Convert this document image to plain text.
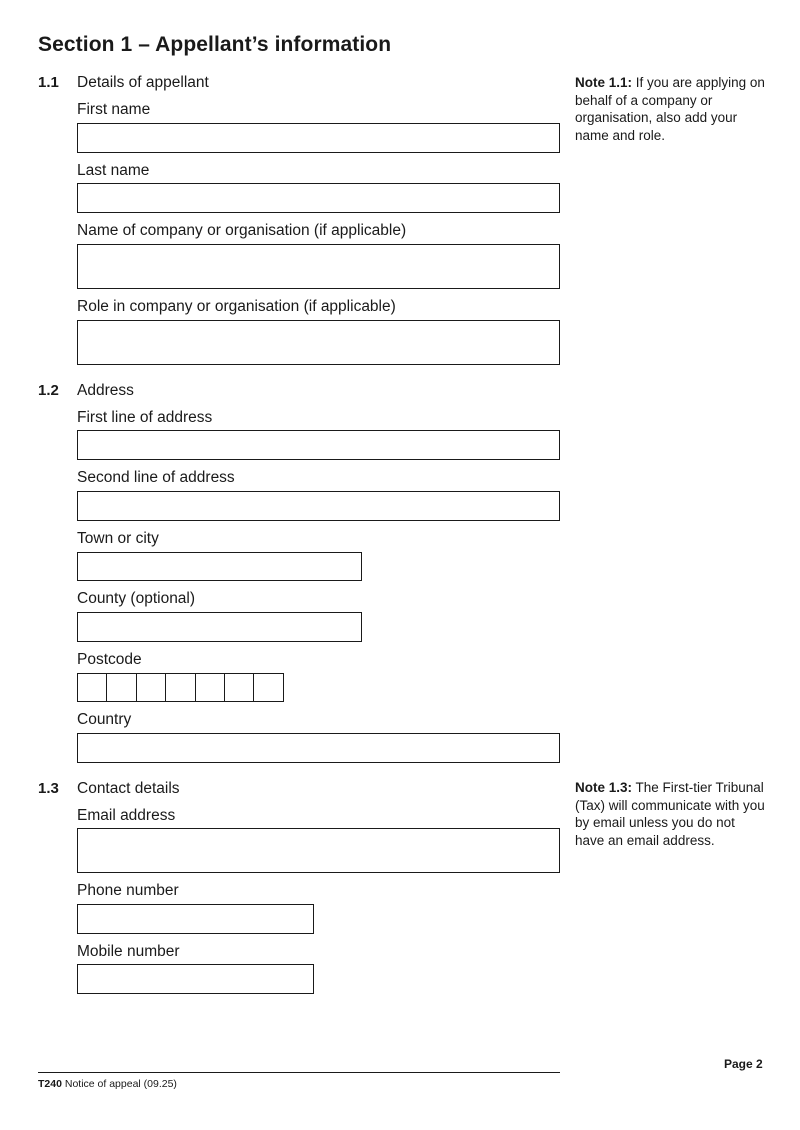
Section 1 – Appellant’s information
1.1 Details of appellant
First name
Last name
Name of company or organisation (if applicable)
Role in company or organisation (if applicable)
Note 1.1: If you are applying on behalf of a company or organisation, also add your name and role.
1.2 Address
First line of address
Second line of address
Town or city
County (optional)
Postcode
Country
1.3 Contact details
Email address
Phone number
Mobile number
Note 1.3: The First-tier Tribunal (Tax) will communicate with you by email unless you do not have an email address.
Page 2
T240 Notice of appeal (09.25)
